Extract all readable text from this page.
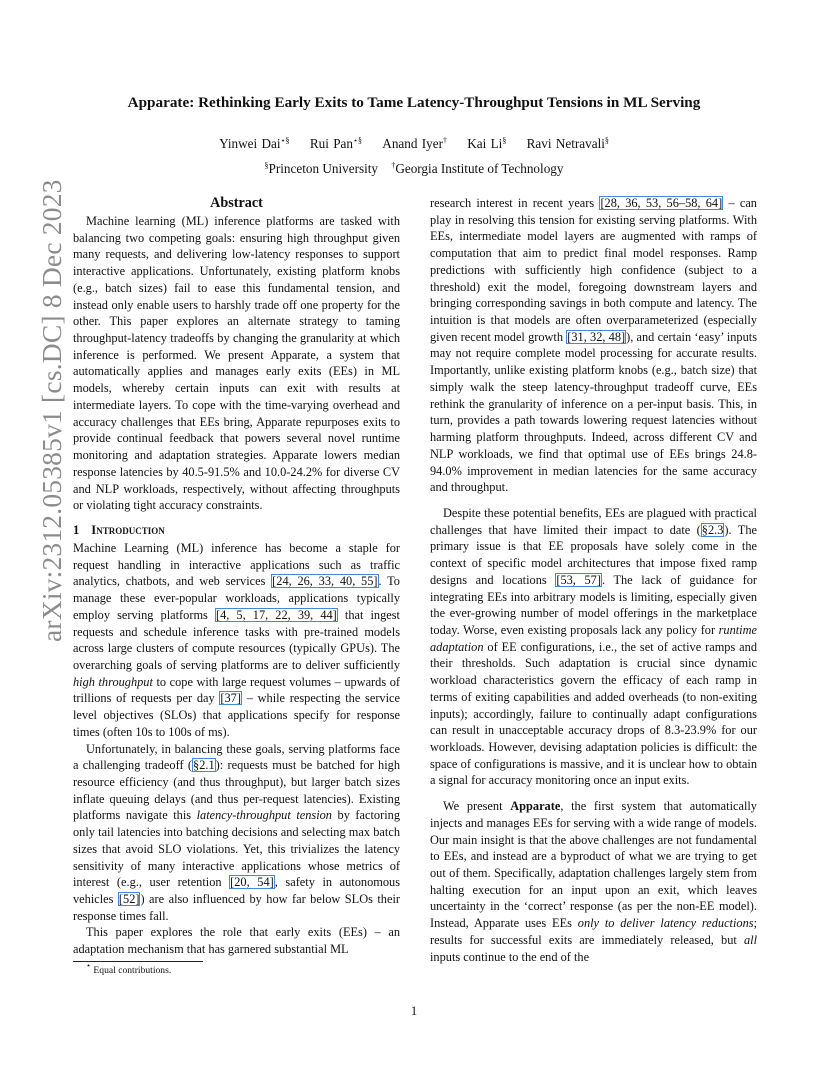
arXiv:2312.05385v1 [cs.DC] 8 Dec 2023
Apparate: Rethinking Early Exits to Tame Latency-Throughput Tensions in ML Serving
Yinwei Dai⋆§ Rui Pan⋆§ Anand Iyer† Kai Li§ Ravi Netravali§
§Princeton University †Georgia Institute of Technology
Abstract

Machine learning (ML) inference platforms are tasked with balancing two competing goals: ensuring high throughput given many requests, and delivering low-latency responses to support interactive applications. Unfortunately, existing platform knobs (e.g., batch sizes) fail to ease this fundamental tension, and instead only enable users to harshly trade off one property for the other. This paper explores an alternate strategy to taming throughput-latency tradeoffs by changing the granularity at which inference is performed. We present Apparate, a system that automatically applies and manages early exits (EEs) in ML models, whereby certain inputs can exit with results at intermediate layers. To cope with the time-varying overhead and accuracy challenges that EEs bring, Apparate repurposes exits to provide continual feedback that powers several novel runtime monitoring and adaptation strategies. Apparate lowers median response latencies by 40.5-91.5% and 10.0-24.2% for diverse CV and NLP workloads, respectively, without affecting throughputs or violating tight accuracy constraints.

1 Introduction

Machine Learning (ML) inference has become a staple for request handling in interactive applications such as traffic analytics, chatbots, and web services [24, 26, 33, 40, 55]. To manage these ever-popular workloads, applications typically employ serving platforms [4, 5, 17, 22, 39, 44] that ingest requests and schedule inference tasks with pre-trained models across large clusters of compute resources (typically GPUs). The overarching goals of serving platforms are to deliver sufficiently high throughput to cope with large request volumes – upwards of trillions of requests per day [37] – while respecting the service level objectives (SLOs) that applications specify for response times (often 10s to 100s of ms).

Unfortunately, in balancing these goals, serving platforms face a challenging tradeoff (§2.1): requests must be batched for high resource efficiency (and thus throughput), but larger batch sizes inflate queuing delays (and thus per-request latencies). Existing platforms navigate this latency-throughput tension by factoring only tail latencies into batching decisions and selecting max batch sizes that avoid SLO violations. Yet, this trivializes the latency sensitivity of many interactive applications whose metrics of interest (e.g., user retention [20, 54], safety in autonomous vehicles [52]) are also influenced by how far below SLOs their response times fall.

This paper explores the role that early exits (EEs) – an adaptation mechanism that has garnered substantial ML

research interest in recent years [28, 36, 53, 56–58, 64] – can play in resolving this tension for existing serving platforms. With EEs, intermediate model layers are augmented with ramps of computation that aim to predict final model responses. Ramp predictions with sufficiently high confidence (subject to a threshold) exit the model, foregoing downstream layers and bringing corresponding savings in both compute and latency. The intuition is that models are often overparameterized (especially given recent model growth [31, 32, 48]), and certain ‘easy’ inputs may not require complete model processing for accurate results. Importantly, unlike existing platform knobs (e.g., batch size) that simply walk the steep latency-throughput tradeoff curve, EEs rethink the granularity of inference on a per-input basis. This, in turn, provides a path towards lowering request latencies without harming platform throughputs. Indeed, across different CV and NLP workloads, we find that optimal use of EEs brings 24.8-94.0% improvement in median latencies for the same accuracy and throughput.

Despite these potential benefits, EEs are plagued with practical challenges that have limited their impact to date (§2.3). The primary issue is that EE proposals have solely come in the context of specific model architectures that impose fixed ramp designs and locations [53, 57]. The lack of guidance for integrating EEs into arbitrary models is limiting, especially given the ever-growing number of model offerings in the marketplace today. Worse, even existing proposals lack any policy for runtime adaptation of EE configurations, i.e., the set of active ramps and their thresholds. Such adaptation is crucial since dynamic workload characteristics govern the efficacy of each ramp in terms of exiting capabilities and added overheads (to non-exiting inputs); accordingly, failure to continually adapt configurations can result in unacceptable accuracy drops of 8.3-23.9% for our workloads. However, devising adaptation policies is difficult: the space of configurations is massive, and it is unclear how to obtain a signal for accuracy monitoring once an input exits.

We present Apparate, the first system that automatically injects and manages EEs for serving with a wide range of models. Our main insight is that the above challenges are not fundamental to EEs, and instead are a byproduct of what we are trying to get out of them. Specifically, adaptation challenges largely stem from halting execution for an input upon an exit, which leaves uncertainty in the ‘correct’ response (as per the non-EE model). Instead, Apparate uses EEs only to deliver latency reductions; results for successful exits are immediately released, but all inputs continue to the end of the

⋆ Equal contributions.
1
